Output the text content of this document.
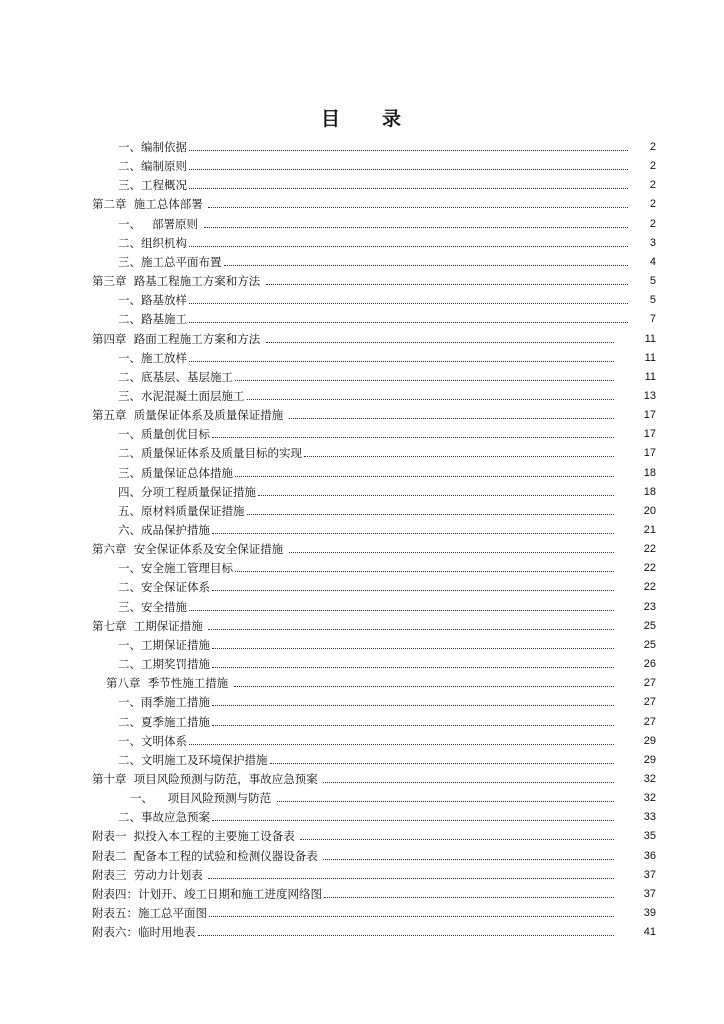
目 录
一、编制依据	2
二、编制原则	2
三、工程概况	2
第二章  施工总体部署	2
一、   部署原则	2
二、组织机构	3
三、施工总平面布置	4
第三章  路基工程施工方案和方法	5
一、路基放样	5
二、路基施工	7
第四章  路面工程施工方案和方法	11
一、施工放样	11
二、底基层、基层施工	11
三、水泥混凝土面层施工	13
第五章  质量保证体系及质量保证措施	17
一、质量创优目标	17
二、质量保证体系及质量目标的实现	17
三、质量保证总体措施	18
四、分项工程质量保证措施	18
五、原材料质量保证措施	20
六、成品保护措施	21
第六章  安全保证体系及安全保证措施	22
一、安全施工管理目标	22
二、安全保证体系	22
三、安全措施	23
第七章  工期保证措施	25
一、工期保证措施	25
二、工期奖罚措施	26
第八章  季节性施工措施	27
一、雨季施工措施	27
二、夏季施工措施	27
一、文明体系	29
二、文明施工及环境保护措施	29
第十章  项目风险预测与防范，事故应急预案	32
一、    项目风险预测与防范	32
二、事故应急预案	33
附表一  拟投入本工程的主要施工设备表	35
附表二  配备本工程的试验和检测仪器设备表	36
附表三  劳动力计划表	37
附表四：计划开、竣工日期和施工进度网络图	37
附表五：施工总平面图	39
附表六：临时用地表	41
